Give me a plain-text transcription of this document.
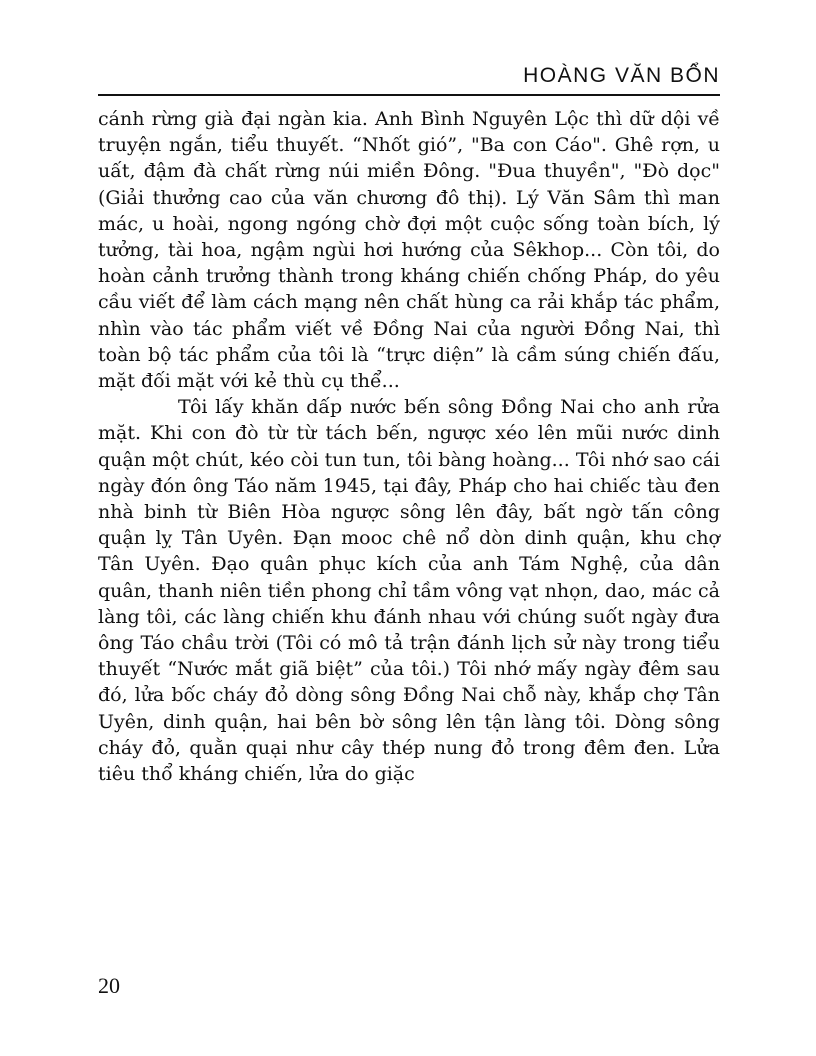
HOÀNG VĂN BỔN

cánh rừng già đại ngàn kia. Anh Bình Nguyên Lộc thì dữ dội về truyện ngắn, tiểu thuyết. “Nhốt gió”, "Ba con Cáo". Ghê rợn, u uất, đậm đà chất rừng núi miền Đông. "Đua thuyền", "Đò dọc" (Giải thưởng cao của văn chương đô thị). Lý Văn Sâm thì man mác, u hoài, ngong ngóng chờ đợi một cuộc sống toàn bích, lý tưởng, tài hoa, ngậm ngùi hơi hướng của Sêkhop... Còn tôi, do hoàn cảnh trưởng thành trong kháng chiến chống Pháp, do yêu cầu viết để làm cách mạng nên chất hùng ca rải khắp tác phẩm, nhìn vào tác phẩm viết về Đồng Nai của người Đồng Nai, thì toàn bộ tác phẩm của tôi là “trực diện” là cầm súng chiến đấu, mặt đối mặt với kẻ thù cụ thể...

Tôi lấy khăn dấp nước bến sông Đồng Nai cho anh rửa mặt. Khi con đò từ từ tách bến, ngược xéo lên mũi nước dinh quận một chút, kéo còi tun tun, tôi bàng hoàng... Tôi nhớ sao cái ngày đón ông Táo năm 1945, tại đây, Pháp cho hai chiếc tàu đen nhà binh từ Biên Hòa ngược sông lên đây, bất ngờ tấn công quận lỵ Tân Uyên. Đạn mooc chê nổ dòn dinh quận, khu chợ Tân Uyên. Đạo quân phục kích của anh Tám Nghệ, của dân quân, thanh niên tiền phong chỉ tầm vông vạt nhọn, dao, mác cả làng tôi, các làng chiến khu đánh nhau với chúng suốt ngày đưa ông Táo chầu trời (Tôi có mô tả trận đánh lịch sử này trong tiểu thuyết “Nước mắt giã biệt” của tôi.) Tôi nhớ mấy ngày đêm sau đó, lửa bốc cháy đỏ dòng sông Đồng Nai chỗ này, khắp chợ Tân Uyên, dinh quận, hai bên bờ sông lên tận làng tôi. Dòng sông cháy đỏ, quằn quại như cây thép nung đỏ trong đêm đen. Lửa tiêu thổ kháng chiến, lửa do giặc

20
